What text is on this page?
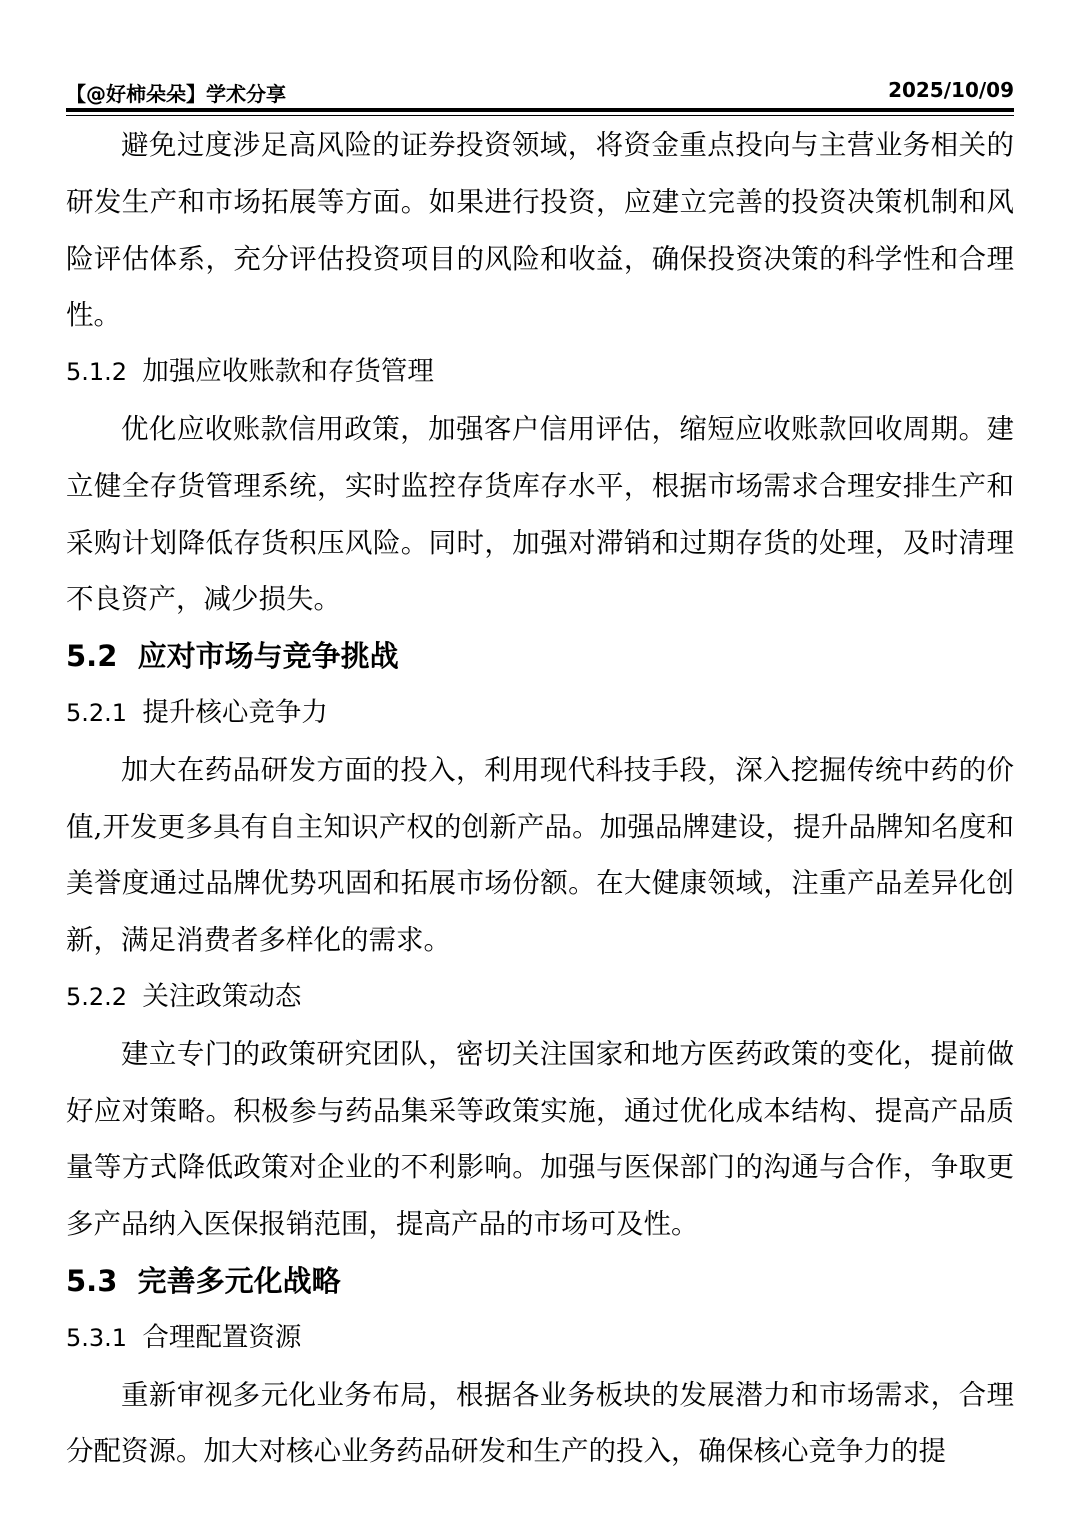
【@好柿朵朵】学术分享	2025/10/09

避免过度涉足高风险的证券投资领域，将资金重点投向与主营业务相关的研发生产和市场拓展等方面。如果进行投资，应建立完善的投资决策机制和风险评估体系，充分评估投资项目的风险和收益，确保投资决策的科学性和合理性。

5.1.2 加强应收账款和存货管理

优化应收账款信用政策，加强客户信用评估，缩短应收账款回收周期。建立健全存货管理系统，实时监控存货库存水平，根据市场需求合理安排生产和采购计划降低存货积压风险。同时，加强对滞销和过期存货的处理，及时清理不良资产，减少损失。

5.2 应对市场与竞争挑战
5.2.1 提升核心竞争力

加大在药品研发方面的投入，利用现代科技手段，深入挖掘传统中药的价值,开发更多具有自主知识产权的创新产品。加强品牌建设，提升品牌知名度和美誉度通过品牌优势巩固和拓展市场份额。在大健康领域，注重产品差异化创新，满足消费者多样化的需求。

5.2.2 关注政策动态

建立专门的政策研究团队，密切关注国家和地方医药政策的变化，提前做好应对策略。积极参与药品集采等政策实施，通过优化成本结构、提高产品质量等方式降低政策对企业的不利影响。加强与医保部门的沟通与合作，争取更多产品纳入医保报销范围，提高产品的市场可及性。

5.3 完善多元化战略
5.3.1 合理配置资源

重新审视多元化业务布局，根据各业务板块的发展潜力和市场需求，合理分配资源。加大对核心业务药品研发和生产的投入，确保核心竞争力的提
